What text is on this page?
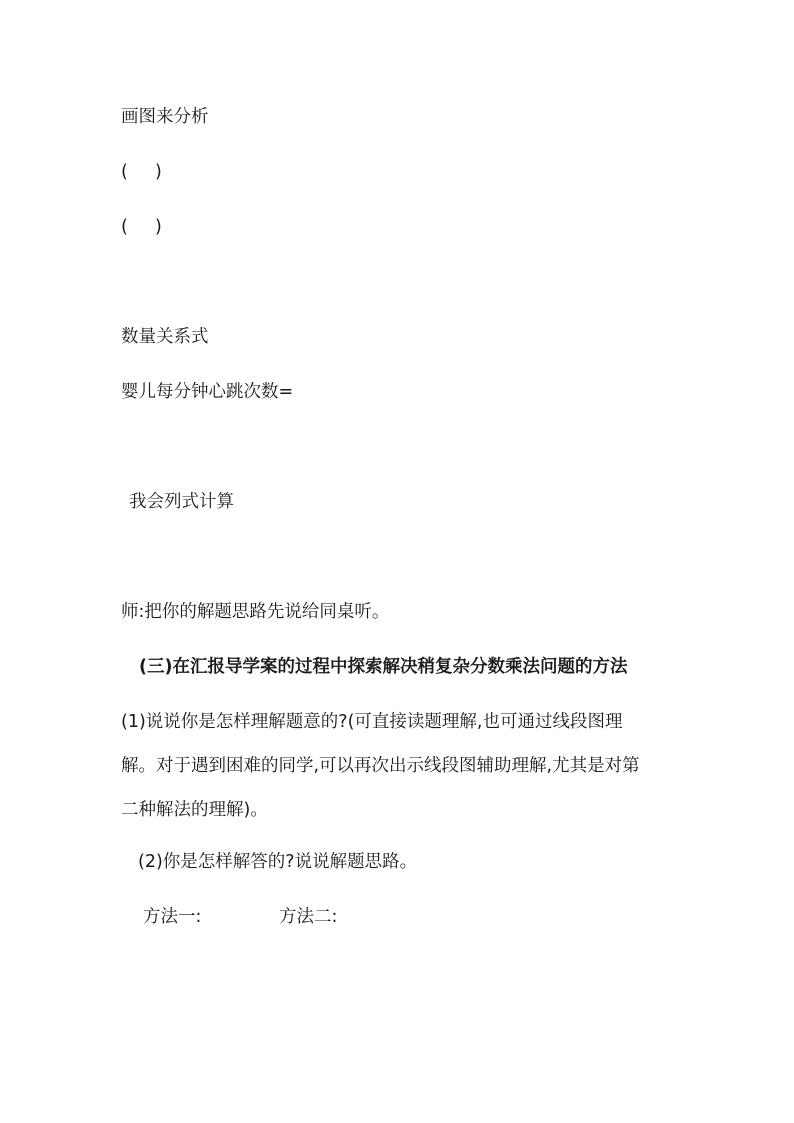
画图来分析
( )
( )
数量关系式
婴儿每分钟心跳次数=
我会列式计算
师:把你的解题思路先说给同桌听。
(三)在汇报导学案的过程中探索解决稍复杂分数乘法问题的方法
(1)说说你是怎样理解题意的?(可直接读题理解,也可通过线段图理
解。对于遇到困难的同学,可以再次出示线段图辅助理解,尤其是对第
二种解法的理解)。
(2)你是怎样解答的?说说解题思路。
方法一:	方法二:
